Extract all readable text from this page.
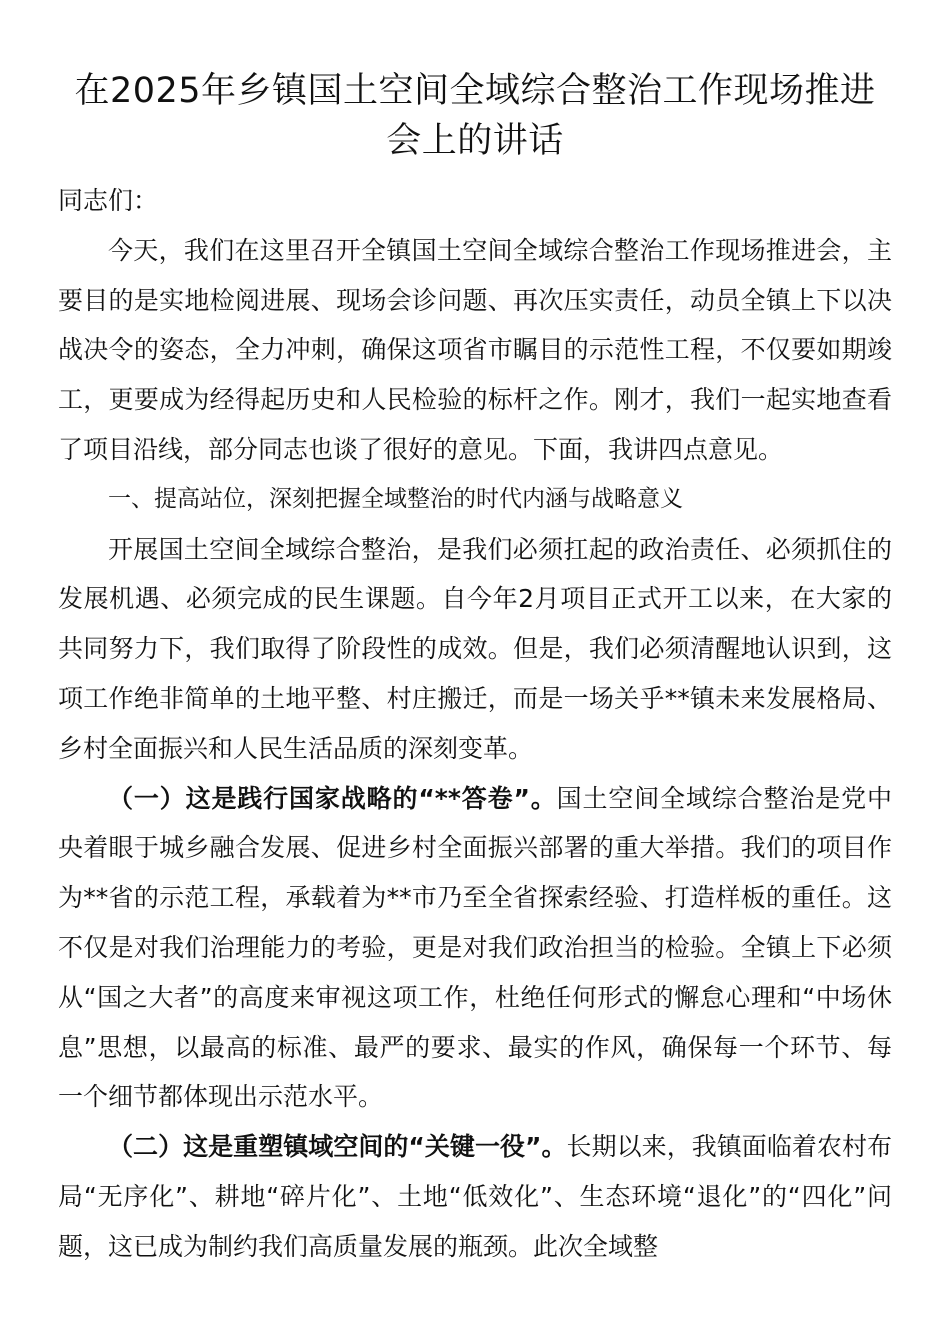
在2025年乡镇国土空间全域综合整治工作现场推进会上的讲话

同志们：

今天，我们在这里召开全镇国土空间全域综合整治工作现场推进会，主要目的是实地检阅进展、现场会诊问题、再次压实责任，动员全镇上下以决战决令的姿态，全力冲刺，确保这项省市瞩目的示范性工程，不仅要如期竣工，更要成为经得起历史和人民检验的标杆之作。刚才，我们一起实地查看了项目沿线，部分同志也谈了很好的意见。下面，我讲四点意见。

一、提高站位，深刻把握全域整治的时代内涵与战略意义

开展国土空间全域综合整治，是我们必须扛起的政治责任、必须抓住的发展机遇、必须完成的民生课题。自今年2月项目正式开工以来，在大家的共同努力下，我们取得了阶段性的成效。但是，我们必须清醒地认识到，这项工作绝非简单的土地平整、村庄搬迁，而是一场关乎**镇未来发展格局、乡村全面振兴和人民生活品质的深刻变革。

（一）这是践行国家战略的“**答卷”。国土空间全域综合整治是党中央着眼于城乡融合发展、促进乡村全面振兴部署的重大举措。我们的项目作为**省的示范工程，承载着为**市乃至全省探索经验、打造样板的重任。这不仅是对我们治理能力的考验，更是对我们政治担当的检验。全镇上下必须从“国之大者”的高度来审视这项工作，杜绝任何形式的懈怠心理和“中场休息”思想，以最高的标准、最严的要求、最实的作风，确保每一个环节、每一个细节都体现出示范水平。

（二）这是重塑镇域空间的“关键一役”。长期以来，我镇面临着农村布局“无序化”、耕地“碎片化”、土地“低效化”、生态环境“退化”的“四化”问题，这已成为制约我们高质量发展的瓶颈。此次全域整
